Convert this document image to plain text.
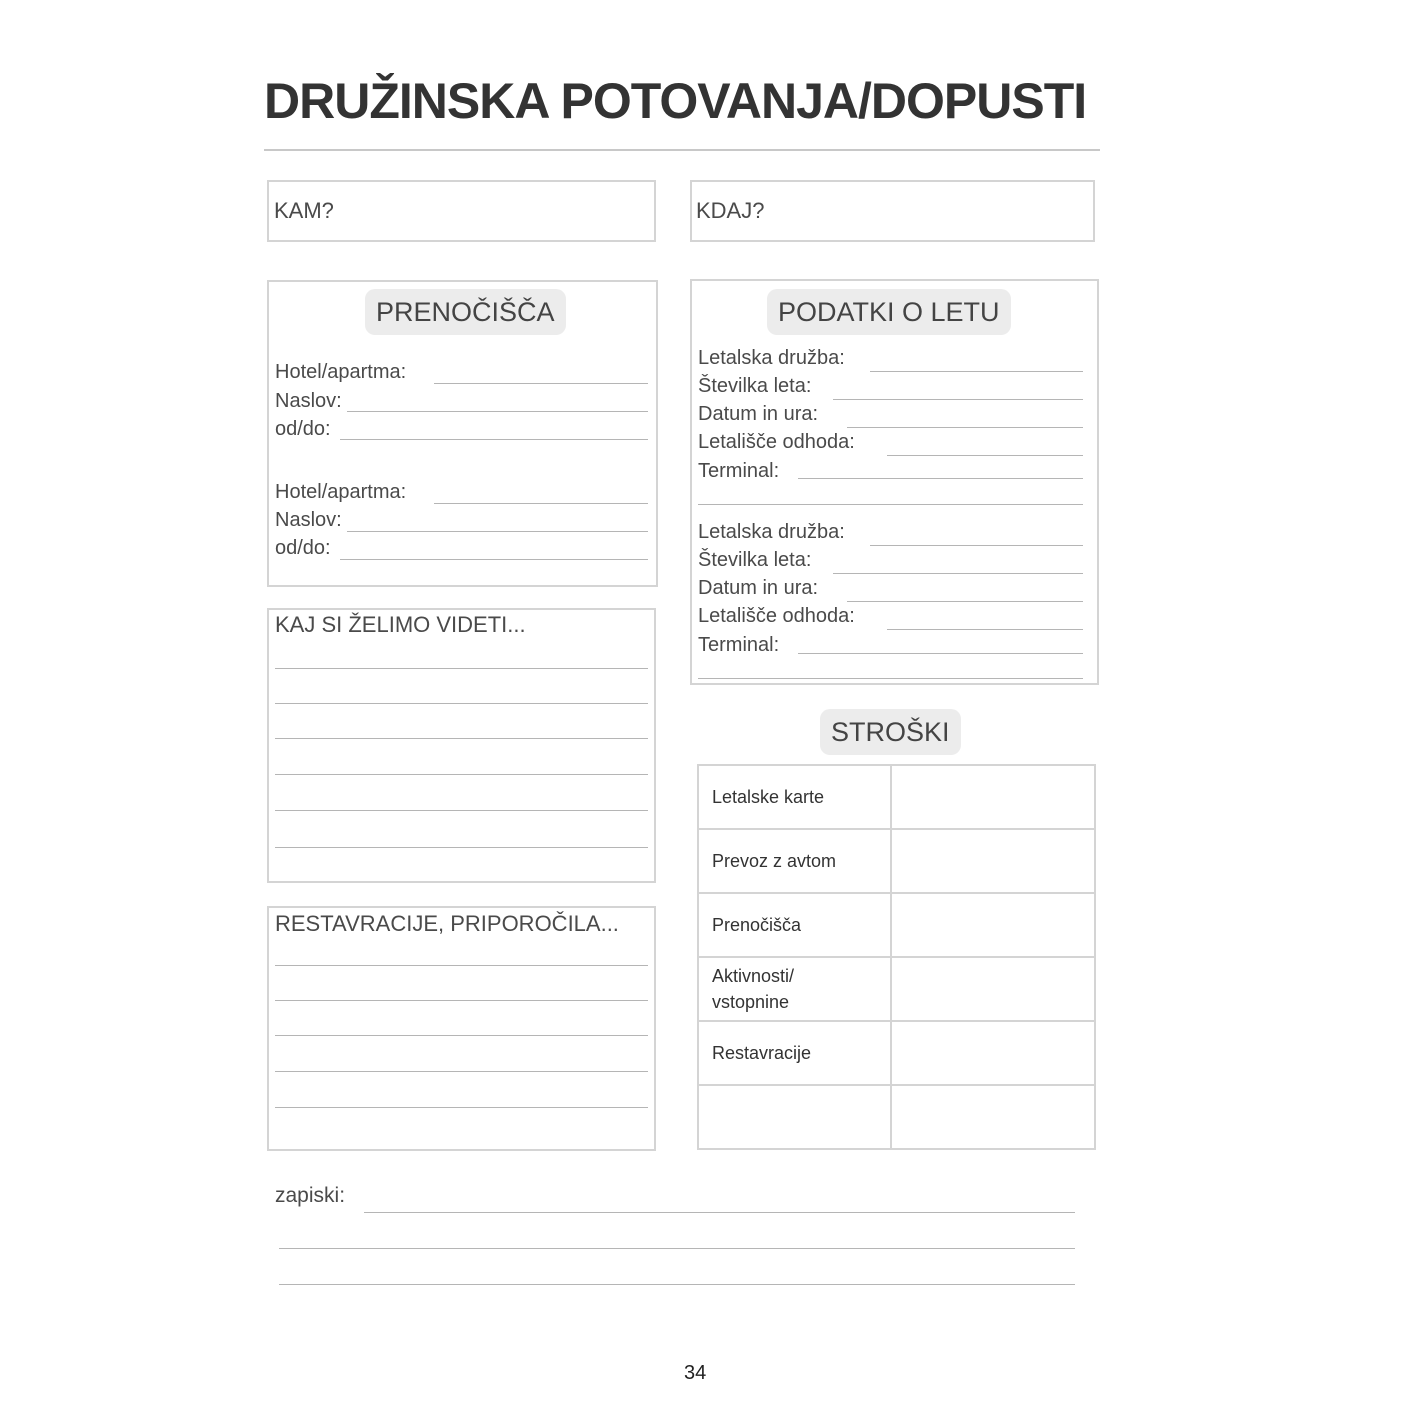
DRUŽINSKA POTOVANJA/DOPUSTI
KAM?	KDAJ?
PRENOČIŠČA
Hotel/apartma:
Naslov:
od/do:
Hotel/apartma:
Naslov:
od/do:
PODATKI O LETU
Letalska družba:
Številka leta:
Datum in ura:
Letališče odhoda:
Terminal:
Letalska družba:
Številka leta:
Datum in ura:
Letališče odhoda:
Terminal:
KAJ SI ŽELIMO VIDETI...
RESTAVRACIJE, PRIPOROČILA...
STROŠKI
Letalske karte	
Prevoz z avtom	
Prenočišča	
Aktivnosti/ vstopnine	
Restavracije	

zapiski:
34
